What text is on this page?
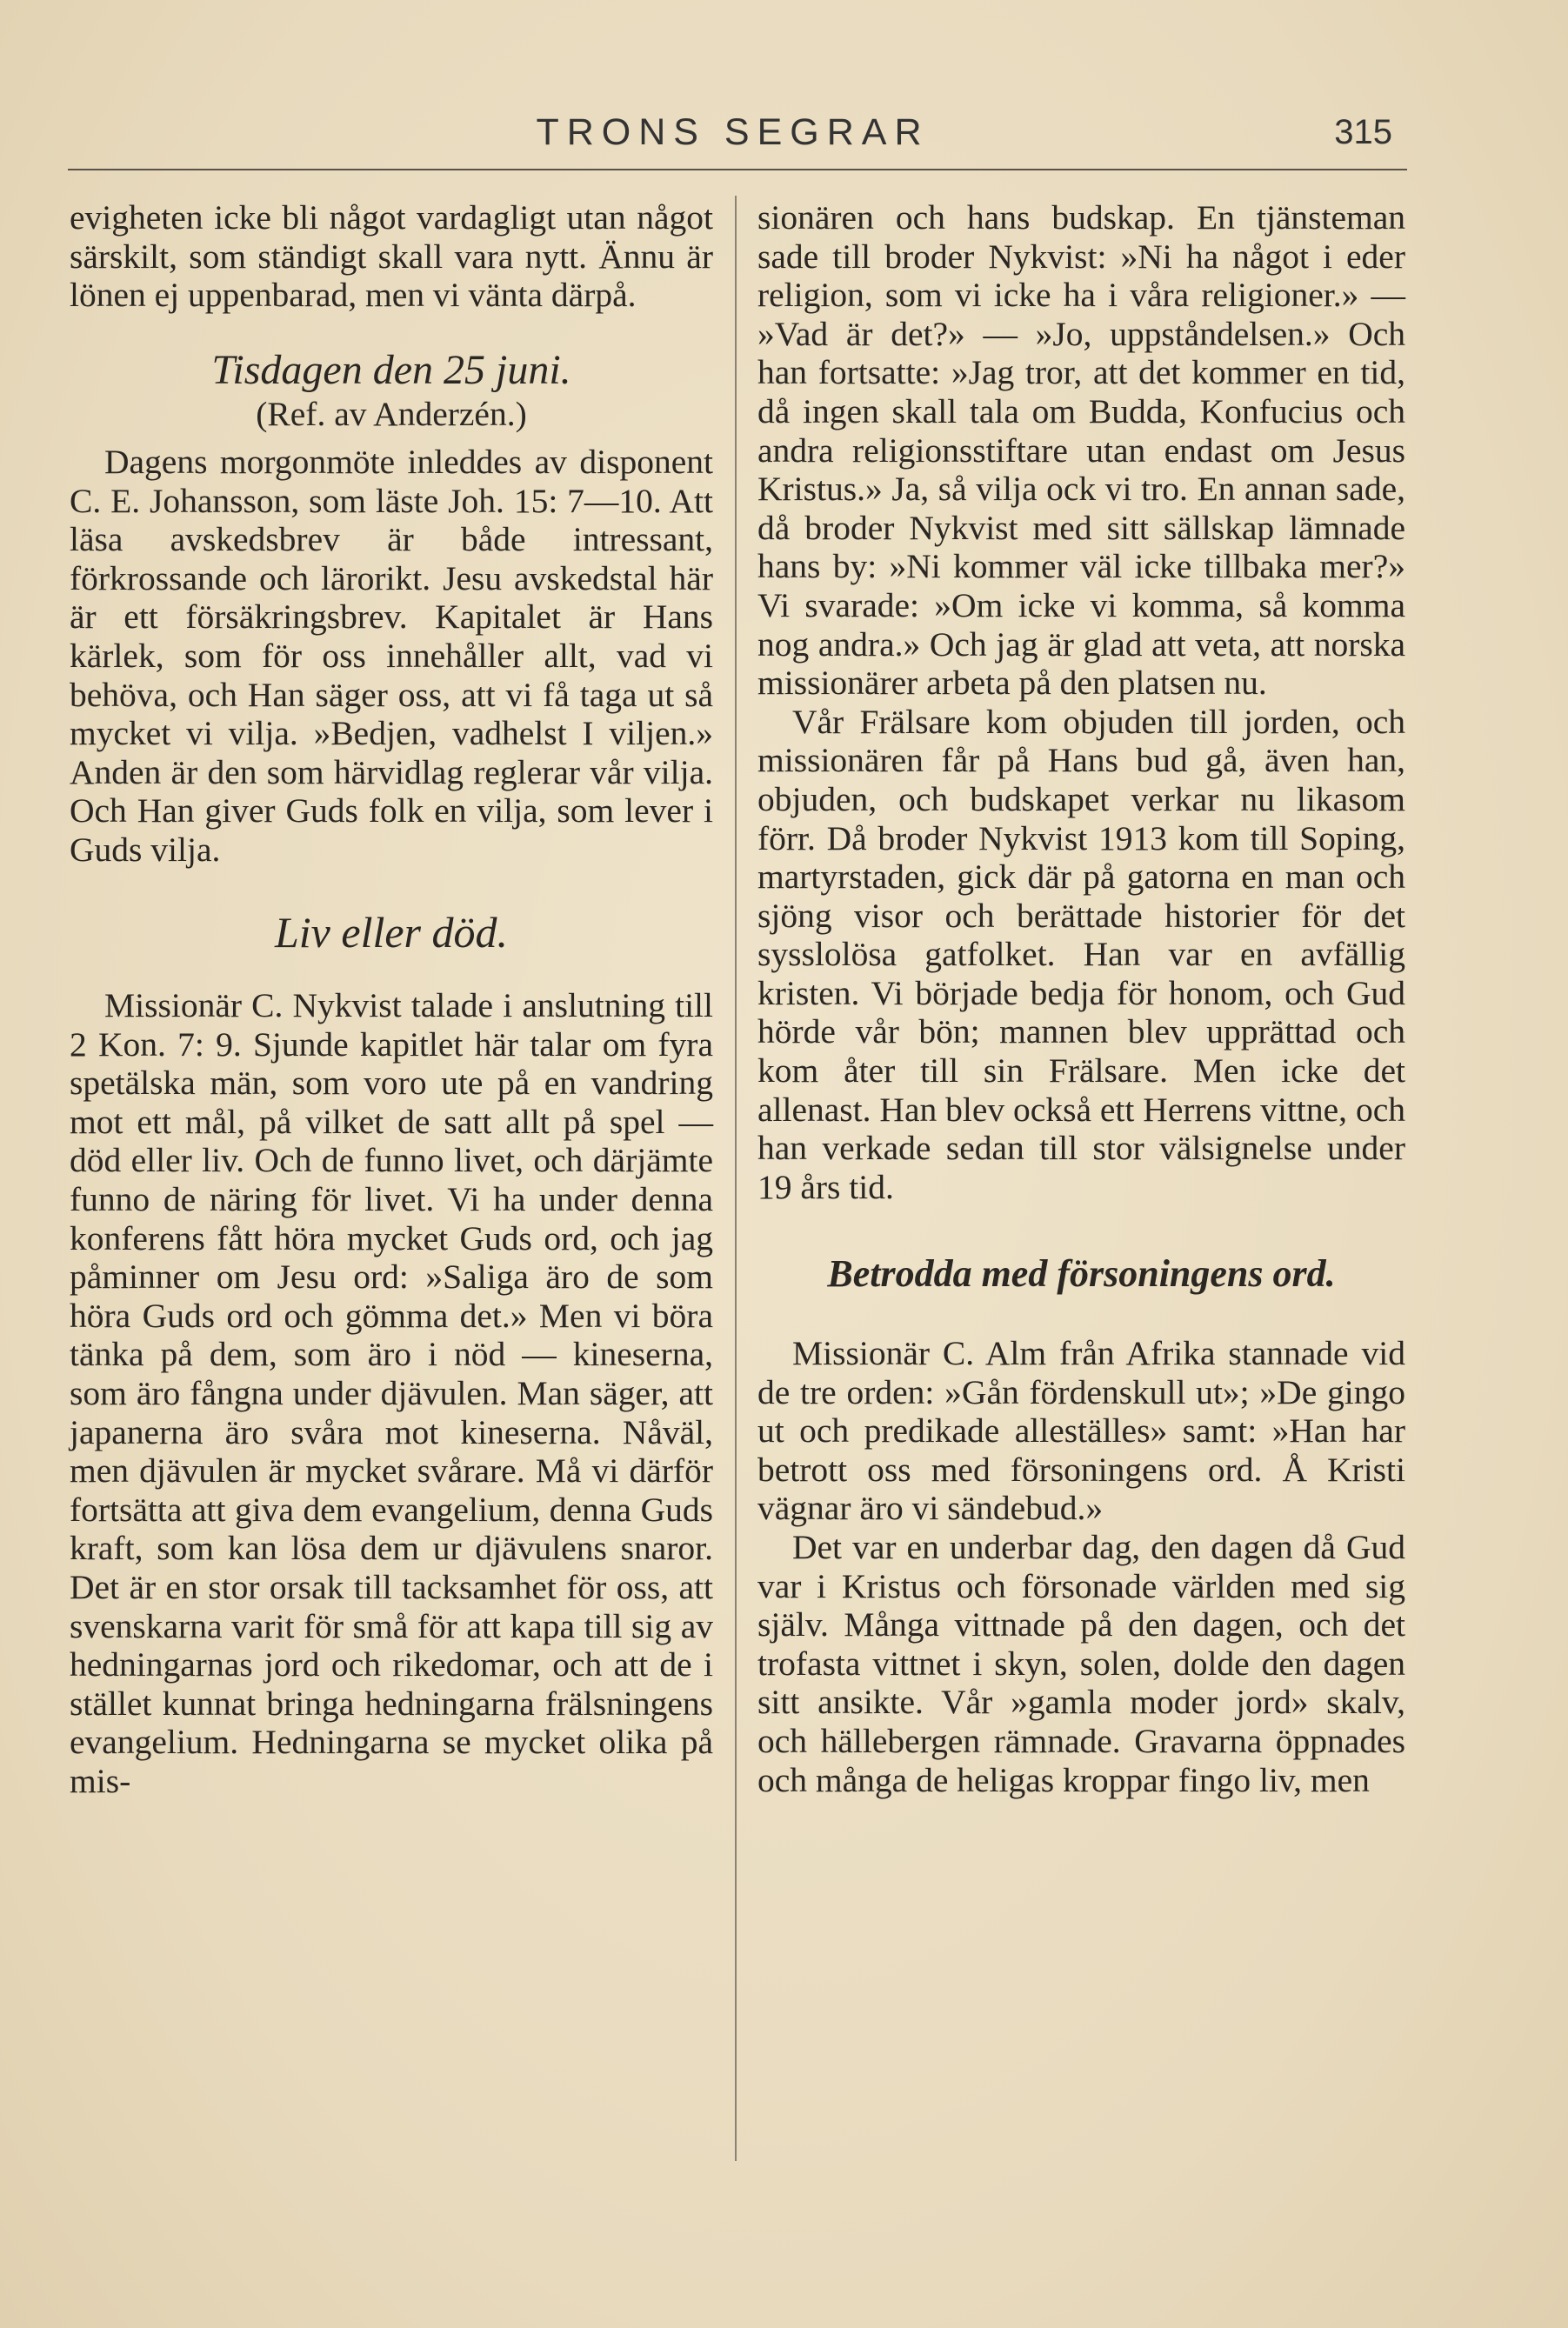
TRONS SEGRAR	315

evigheten icke bli något vardagligt utan något särskilt, som ständigt skall vara nytt. Ännu är lönen ej uppenbarad, men vi vänta därpå.

Tisdagen den 25 juni.
(Ref. av Anderzén.)

Dagens morgonmöte inleddes av disponent C. E. Johansson, som läste Joh. 15: 7—10. Att läsa avskedsbrev är både intressant, förkrossande och lärorikt. Jesu avskedstal här är ett försäkringsbrev. Kapitalet är Hans kärlek, som för oss innehåller allt, vad vi behöva, och Han säger oss, att vi få taga ut så mycket vi vilja. »Bedjen, vadhelst I viljen.» Anden är den som härvidlag reglerar vår vilja. Och Han giver Guds folk en vilja, som lever i Guds vilja.

Liv eller död.

Missionär C. Nykvist talade i anslutning till 2 Kon. 7: 9. Sjunde kapitlet här talar om fyra spetälska män, som voro ute på en vandring mot ett mål, på vilket de satt allt på spel — död eller liv. Och de funno livet, och därjämte funno de näring för livet. Vi ha under denna konferens fått höra mycket Guds ord, och jag påminner om Jesu ord: »Saliga äro de som höra Guds ord och gömma det.» Men vi böra tänka på dem, som äro i nöd — kineserna, som äro fångna under djävulen. Man säger, att japanerna äro svåra mot kineserna. Nåväl, men djävulen är mycket svårare. Må vi därför fortsätta att giva dem evangelium, denna Guds kraft, som kan lösa dem ur djävulens snaror. Det är en stor orsak till tacksamhet för oss, att svenskarna varit för små för att kapa till sig av hedningarnas jord och rikedomar, och att de i stället kunnat bringa hedningarna frälsningens evangelium. Hedningarna se mycket olika på mis-

sionären och hans budskap. En tjänsteman sade till broder Nykvist: »Ni ha något i eder religion, som vi icke ha i våra religioner.» — »Vad är det?» — »Jo, uppståndelsen.» Och han fortsatte: »Jag tror, att det kommer en tid, då ingen skall tala om Budda, Konfucius och andra religionsstiftare utan endast om Jesus Kristus.» Ja, så vilja ock vi tro. En annan sade, då broder Nykvist med sitt sällskap lämnade hans by: »Ni kommer väl icke tillbaka mer?» Vi svarade: »Om icke vi komma, så komma nog andra.» Och jag är glad att veta, att norska missionärer arbeta på den platsen nu.

Vår Frälsare kom objuden till jorden, och missionären får på Hans bud gå, även han, objuden, och budskapet verkar nu likasom förr. Då broder Nykvist 1913 kom till Soping, martyrstaden, gick där på gatorna en man och sjöng visor och berättade historier för det sysslolösa gatfolket. Han var en avfällig kristen. Vi började bedja för honom, och Gud hörde vår bön; mannen blev upprättad och kom åter till sin Frälsare. Men icke det allenast. Han blev också ett Herrens vittne, och han verkade sedan till stor välsignelse under 19 års tid.

Betrodda med försoningens ord.

Missionär C. Alm från Afrika stannade vid de tre orden: »Gån fördenskull ut»; »De gingo ut och predikade alleställes» samt: »Han har betrott oss med försoningens ord. Å Kristi vägnar äro vi sändebud.»

Det var en underbar dag, den dagen då Gud var i Kristus och försonade världen med sig själv. Många vittnade på den dagen, och det trofasta vittnet i skyn, solen, dolde den dagen sitt ansikte. Vår »gamla moder jord» skalv, och hällebergen rämnade. Gravarna öppnades och många de heligas kroppar fingo liv, men
